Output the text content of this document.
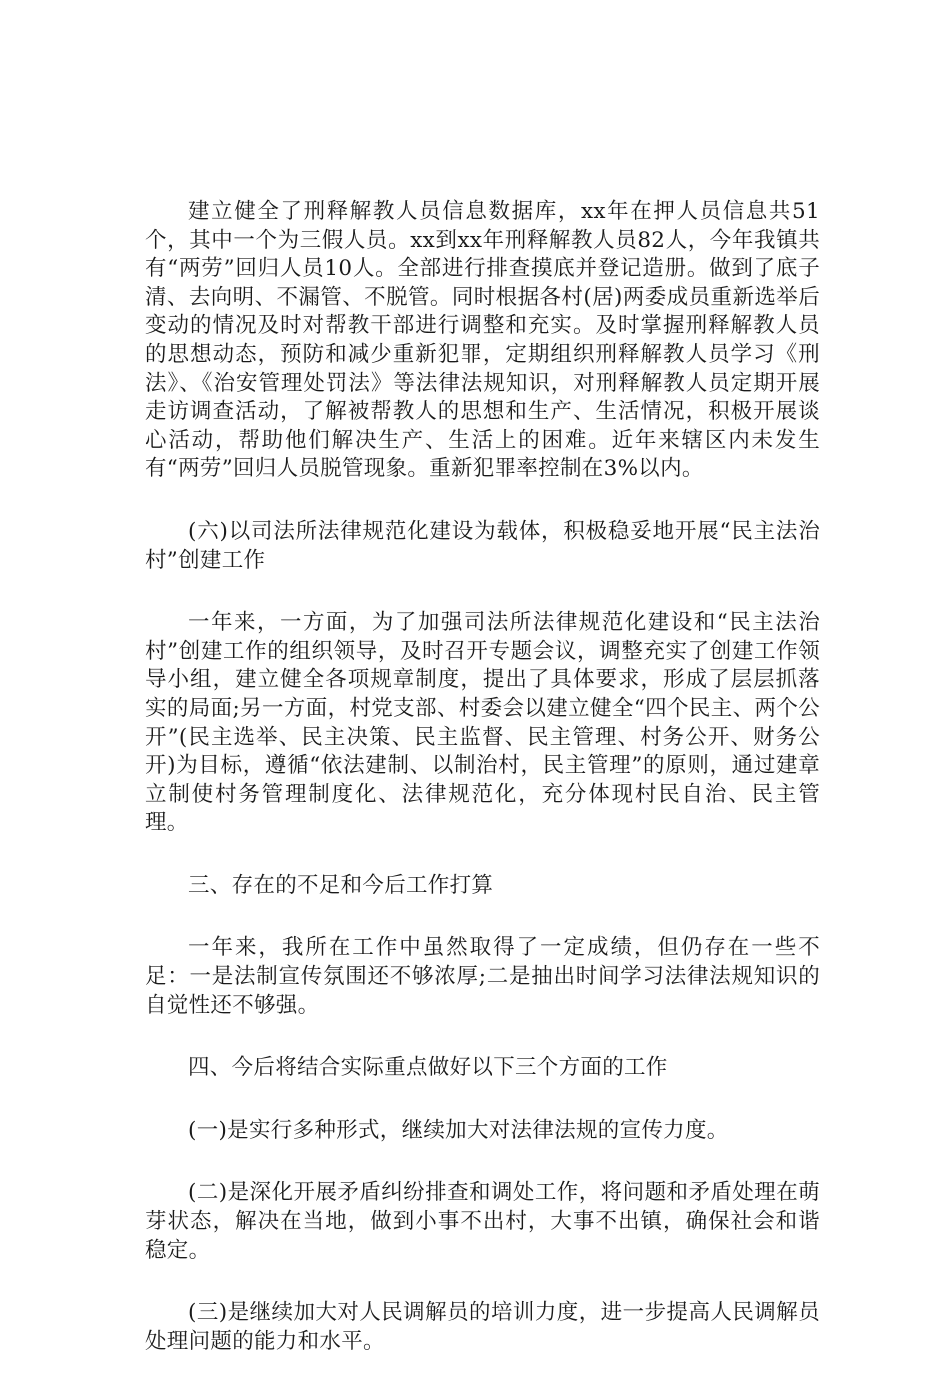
建立健全了刑释解教人员信息数据库，xx年在押人员信息共51个，其中一个为三假人员。xx到xx年刑释解教人员82人，今年我镇共有“两劳”回归人员10人。全部进行排查摸底并登记造册。做到了底子清、去向明、不漏管、不脱管。同时根据各村(居)两委成员重新选举后变动的情况及时对帮教干部进行调整和充实。及时掌握刑释解教人员的思想动态，预防和减少重新犯罪，定期组织刑释解教人员学习《刑法》、《治安管理处罚法》等法律法规知识，对刑释解教人员定期开展走访调查活动，了解被帮教人的思想和生产、生活情况，积极开展谈心活动，帮助他们解决生产、生活上的困难。近年来辖区内未发生有“两劳”回归人员脱管现象。重新犯罪率控制在3%以内。

(六)以司法所法律规范化建设为载体，积极稳妥地开展“民主法治村”创建工作

一年来，一方面，为了加强司法所法律规范化建设和“民主法治村”创建工作的组织领导，及时召开专题会议，调整充实了创建工作领导小组，建立健全各项规章制度，提出了具体要求，形成了层层抓落实的局面;另一方面，村党支部、村委会以建立健全“四个民主、两个公开”(民主选举、民主决策、民主监督、民主管理、村务公开、财务公开)为目标，遵循“依法建制、以制治村，民主管理”的原则，通过建章立制使村务管理制度化、法律规范化，充分体现村民自治、民主管理。

三、存在的不足和今后工作打算

一年来，我所在工作中虽然取得了一定成绩，但仍存在一些不足：一是法制宣传氛围还不够浓厚;二是抽出时间学习法律法规知识的自觉性还不够强。

四、今后将结合实际重点做好以下三个方面的工作

(一)是实行多种形式，继续加大对法律法规的宣传力度。

(二)是深化开展矛盾纠纷排查和调处工作，将问题和矛盾处理在萌芽状态，解决在当地，做到小事不出村，大事不出镇，确保社会和谐稳定。

(三)是继续加大对人民调解员的培训力度，进一步提高人民调解员处理问题的能力和水平。
